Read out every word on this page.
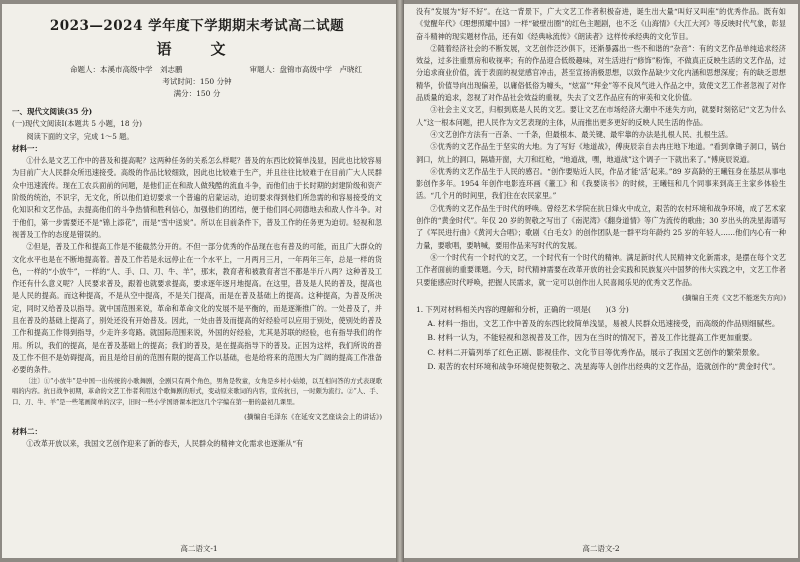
2023—2024 学年度下学期期末考试高二试题
语　文
命题人：本溪市高级中学　刘志鹏	审题人：盘锦市高级中学　卢晓红
考试时间：150 分钟
满分：150 分

一、现代文阅读(35 分)

(一)现代文阅读Ⅰ(本题共 5 小题，18 分)

阅读下面的文字，完成 1～5 题。

材料一：

①什么是文艺工作中的普及和提高呢？这两种任务的关系怎么样呢？普及的东西比较简单浅显，因此也比较容易为目前广大人民群众所迅速接受。高级的作品比较细致，因此也比较难于生产，并且往往比较难于在目前广大人民群众中迅速流传。现在工农兵面前的问题，是他们正在和敌人做残酷的流血斗争，而他们由于长时期的封建阶级和资产阶级的统治，不识字，无文化，所以他们迫切要求一个普遍的启蒙运动，迫切要求得到他们所急需的和容易接受的文化知识和文艺作品，去提高他们的斗争热情和胜利信心，加强他们的团结，便于他们同心同德地去和敌人作斗争。对于他们，第一步需要还不是“锦上添花”，而是“雪中送炭”。所以在目前条件下，普及工作的任务更为迫切。轻视和忽视普及工作的态度是错误的。

②但是，普及工作和提高工作是不能截然分开的。不但一部分优秀的作品现在也有普及的可能，而且广大群众的文化水平也是在不断地提高着。普及工作若是永远停止在一个水平上，一月两月三月，一年两年三年，总是一样的货色，一样的“小放牛”，一样的“人、手、口、刀、牛、羊”，那末，教育者和被教育者岂不都是半斤八两？这种普及工作还有什么意义呢？人民要求普及，跟着也就要求提高，要求逐年逐月地提高。在这里，普及是人民的普及，提高也是人民的提高。而这种提高，不是从空中提高，不是关门提高，而是在普及基础上的提高。这种提高，为普及所决定，同时又给普及以指导。就中国范围来说，革命和革命文化的发展不是平衡的，而是逐渐推广的。一处普及了，并且在普及的基础上提高了，别处还没有开始普及。因此，一处由普及而提高的好经验可以应用于别处，使别处的普及工作和提高工作得到指导，少走许多弯路。就国际范围来说，外国的好经验，尤其是苏联的经验，也有指导我们的作用。所以，我们的提高，是在普及基础上的提高；我们的普及，是在提高指导下的普及。正因为这样，我们所说的普及工作不但不是妨碍提高，而且是给目前的范围有限的提高工作以基础，也是给将来的范围大为广阔的提高工作准备必要的条件。

〔注〕①“小放牛”是中国一出传统的小歌舞剧，全剧只有两个角色，男角是牧童，女角是乡村小姑娘，以互相问答的方式表现歌唱的内容。抗日战争初期，革命的文艺工作者利用这个歌舞剧的形式，变动原来歌词的内容，宣传抗日，一时颇为流行。②“人、手、口、刀、牛、羊”是一些笔画简单的汉字，旧时一些小学国语课本把这几个字编在第一册的最初几课里。

(摘编自毛泽东《在延安文艺座谈会上的讲话》)

材料二：

①改革开放以来，我国文艺创作迎来了新的春天，人民群众的精神文化需求也逐渐从“有

高二语文-1

没有”发展为“好不好”。在这一背景下，广大文艺工作者积极奋进，诞生出大量“叫好又叫座”的优秀作品。既有如《觉醒年代》《理想照耀中国》一样“破壁出圈”的红色主题剧，也不乏《山海情》《大江大河》等反映时代气象，彰显奋斗精神的现实题材作品，还有如《经典咏流传》《朗读者》这样传承经典的文化节目。

②随着经济社会的不断发展，文艺创作泛沙俱下，还渐暴露出一些不和谐的“杂音”：有的文艺作品单纯追求经济效益，过多注重票房和收视率；有的作品迎合低级趣味，对生活进行“修饰”粉饰，不做真正反映生活的文艺作品，过分追求商业价值，流于表面的视觉感官冲击，甚至宣扬消极思想，以致作品缺少文化内涵和思想深度；有的缺乏思想精华，价值导向出现偏差，以庸俗低俗为噱头，“炫富”“拜金”等不良风气进入作品之中，致使文艺工作者忽视了对作品质量的追求，忽视了对作品社会效益的重视，失去了文艺作品应有的审美和文化价值。

③社会主义文艺，归根到底是人民的文艺。要让文艺在市场经济大潮中不迷失方向，就要时刻铭记“文艺为什么人”这一根本问题，把人民作为文艺表现的主体，从而推出更多更好的反映人民生活的作品。

④文艺创作方法有一百条、一千条，但最根本、最关键、最牢靠的办法是扎根人民、扎根生活。

⑤优秀的文艺作品生于坚实的大地。为了写好《地道战》，傅庚辰亲自去冉庄地下地道。“看到拿锄子洞口，锅台洞口，炕上的洞口，隔墙开窗，大刀和红枪，“地道战，嘿，地道战”这个调子一下就出来了。”傅庚辰说道。

⑥优秀的文艺作品生于人民的感召。“创作要贴近人民，作品才能‘活’起来。”89 岁高龄的王曦钰身在基层从事电影创作多年。1954 年创作电影连环画《董工》和《我要读书》的时候，王曦钰和几个同事来到高王主家乡体验生活。“几个月的时间里，我们住在农民家里。”

⑦优秀的文艺作品生于时代的呼唤。曾经艺术学院在抗日烽火中成立，艰苦的农村环境和战争环境，成了艺术家创作的“黄金时代”。年仅 20 岁的贺敬之写出了《南泥湾》《翻身道情》等广为流传的歌曲；30 岁出头的冼星海谱写了《军民进行曲》《黄河大合唱》；歌剧《白毛女》的创作团队是一群平均年龄约 25 岁的年轻人……他们内心有一种力量，要歌唱，要呐喊，要用作品来写时代的发展。

⑧一个时代有一个时代的文艺，一个时代有一个时代的精神。满足新时代人民精神文化新需求，是摆在每个文艺工作者面前的重要课题。今天，时代精神需要在改革开放的社会实践和民族复兴中国梦的伟大实践之中，文艺工作者只要能感应时代呼唤，把握人民需求，就一定可以创作出人民喜闻乐见的优秀文艺作品。

(摘编自王亮《文艺不能迷失方向》)

1. 下列对材料相关内容的理解和分析，正确的一项是(　　)(3 分)

A. 材料一指出，文艺工作中普及的东西比较简单浅显，易被人民群众迅速接受，而高级的作品则细腻些。

B. 材料一认为，不能轻视和忽视普及工作，因为在当时的情况下，普及工作比提高工作更加重要。

C. 材料二开篇列举了红色正剧、影视佳作、文化节目等优秀作品，展示了我国文艺创作的繁荣景象。

D. 艰苦的农村环境和战争环境促使贺敬之、冼星海等人创作出经典的文艺作品，造就创作的“黄金时代”。

高二语文-2
